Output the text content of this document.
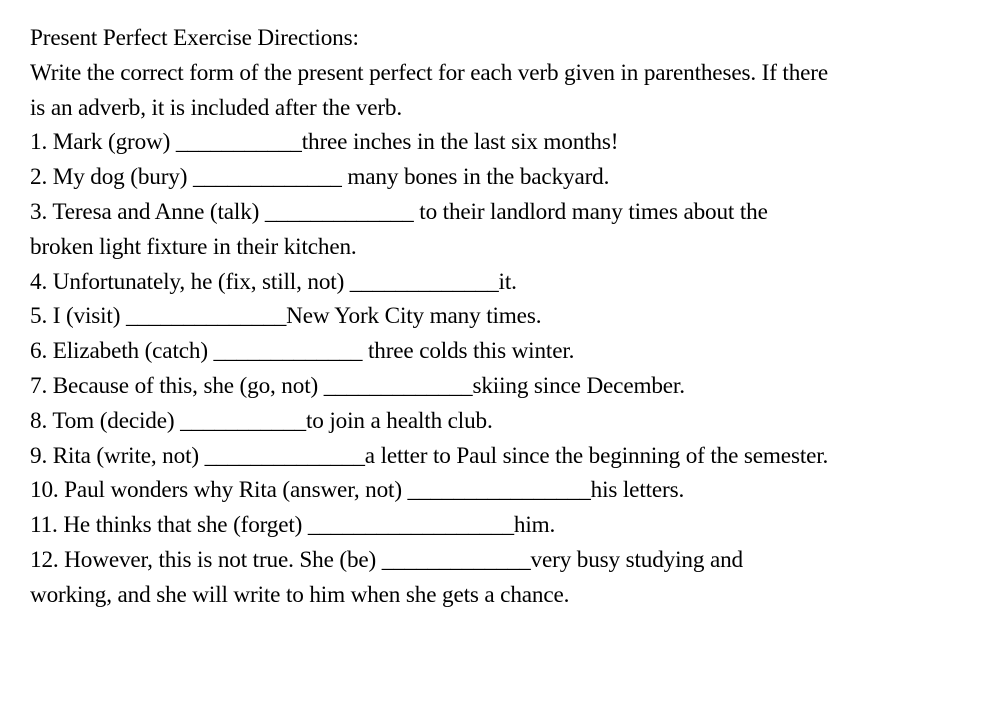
Present Perfect Exercise Directions:
Write the correct form of the present perfect for each verb given in parentheses. If there
is an adverb, it is included after the verb.
1. Mark (grow) ___________three inches in the last six months!
2. My dog (bury) _____________ many bones in the backyard.
3. Teresa and Anne (talk) _____________ to their landlord many times about the
broken light fixture in their kitchen.
4. Unfortunately, he (fix, still, not) _____________it.
5. I (visit) ______________New York City many times.
6. Elizabeth (catch) _____________ three colds this winter.
7. Because of this, she (go, not) _____________skiing since December.
8. Tom (decide) ___________to join a health club.
9. Rita (write, not) ______________a letter to Paul since the beginning of the semester.
10. Paul wonders why Rita (answer, not) ________________his letters.
11. He thinks that she (forget) __________________him.
12. However, this is not true. She (be) _____________very busy studying and
working, and she will write to him when she gets a chance.
